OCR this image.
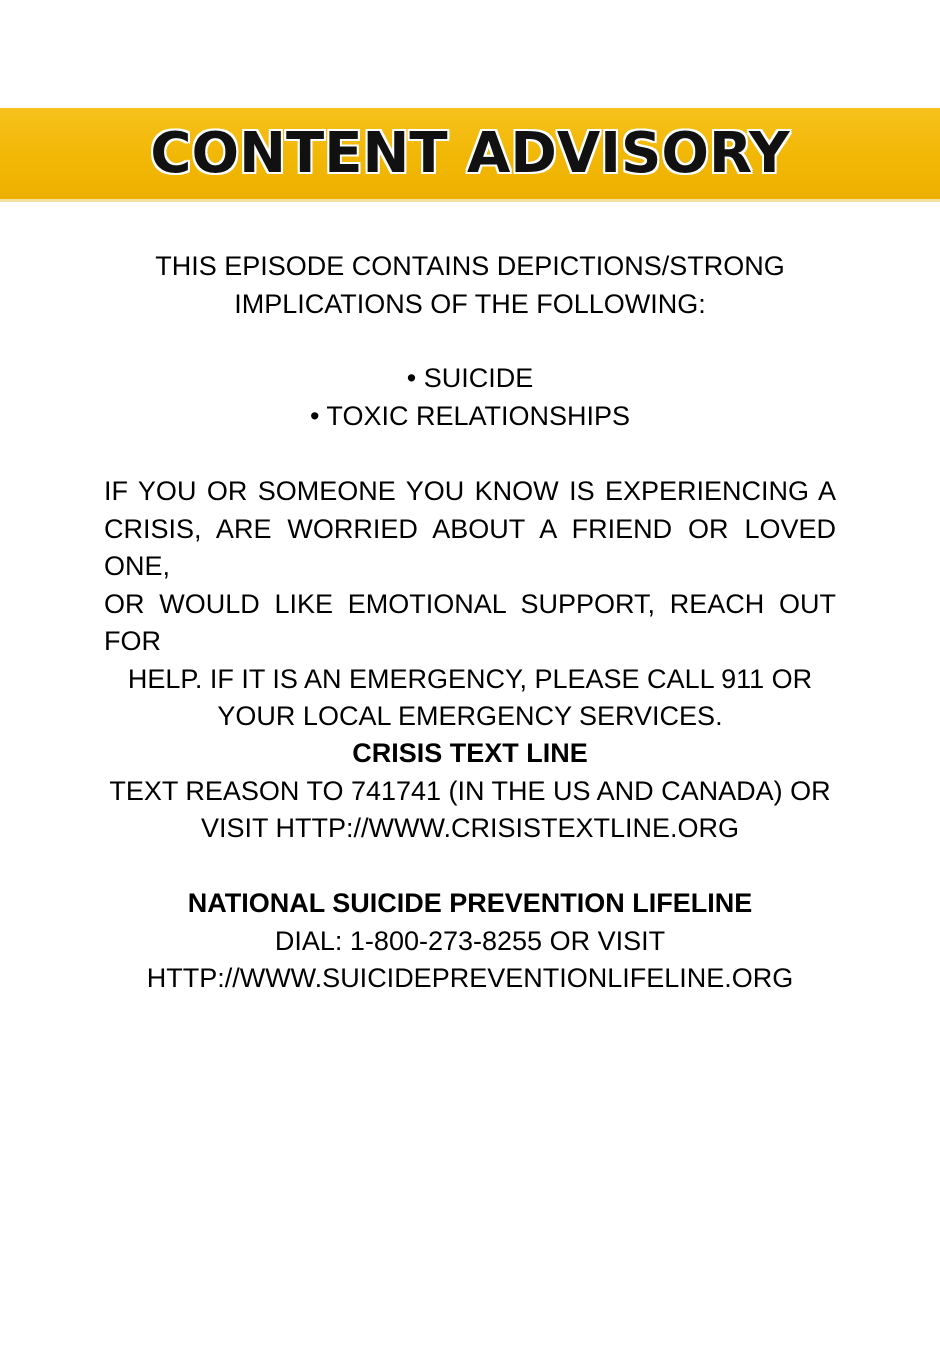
CONTENT ADVISORY

THIS EPISODE CONTAINS DEPICTIONS/STRONG
IMPLICATIONS OF THE FOLLOWING:

• SUICIDE
• TOXIC RELATIONSHIPS

IF YOU OR SOMEONE YOU KNOW IS EXPERIENCING A
CRISIS, ARE WORRIED ABOUT A FRIEND OR LOVED ONE,
OR WOULD LIKE EMOTIONAL SUPPORT, REACH OUT FOR
HELP. IF IT IS AN EMERGENCY, PLEASE CALL 911 OR
YOUR LOCAL EMERGENCY SERVICES.

CRISIS TEXT LINE
TEXT REASON TO 741741 (IN THE US AND CANADA) OR
VISIT HTTP://WWW.CRISISTEXTLINE.ORG
NATIONAL SUICIDE PREVENTION LIFELINE
DIAL: 1-800-273-8255 OR VISIT
HTTP://WWW.SUICIDEPREVENTIONLIFELINE.ORG
